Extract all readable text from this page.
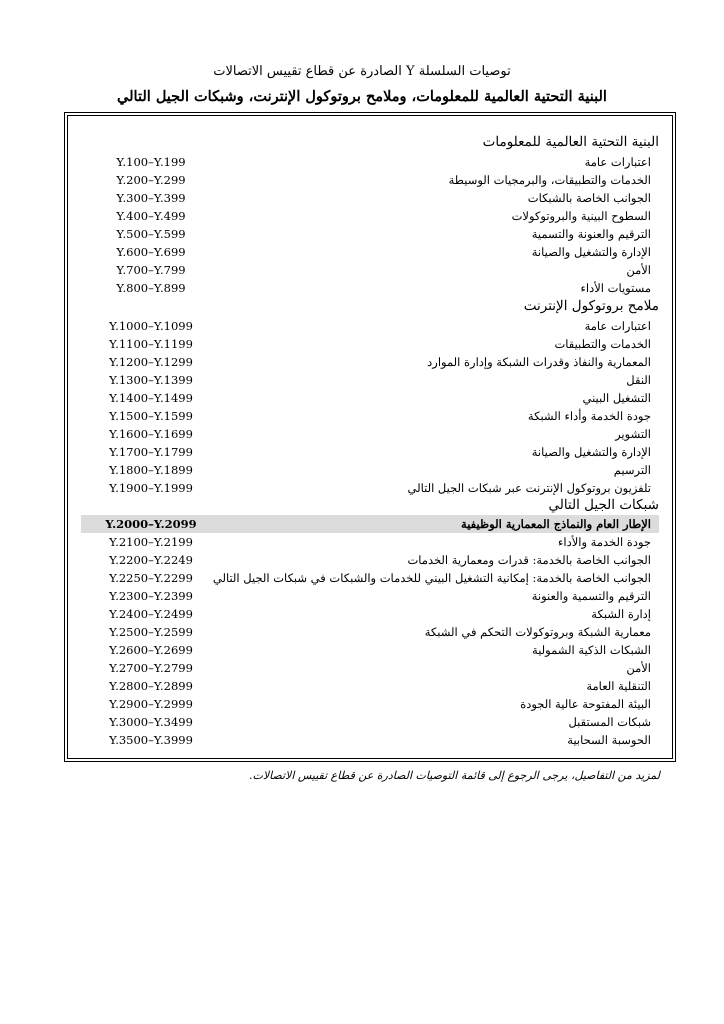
توصيات السلسلة Y الصادرة عن قطاع تقييس الاتصالات
البنية التحتية العالمية للمعلومات، وملامح بروتوكول الإنترنت، وشبكات الجيل التالي
البنية التحتية العالمية للمعلومات
اعتبارات عامة
Y.100–Y.199
الخدمات والتطبيقات، والبرمجيات الوسيطة
Y.200–Y.299
الجوانب الخاصة بالشبكات
Y.300–Y.399
السطوح البينية والبروتوكولات
Y.400–Y.499
الترقيم والعنونة والتسمية
Y.500–Y.599
الإدارة والتشغيل والصيانة
Y.600–Y.699
الأمن
Y.700–Y.799
مستويات الأداء
Y.800–Y.899
ملامح بروتوكول الإنترنت
اعتبارات عامة
Y.1000–Y.1099
الخدمات والتطبيقات
Y.1100–Y.1199
المعمارية والنفاذ وقدرات الشبكة وإدارة الموارد
Y.1200–Y.1299
النقل
Y.1300–Y.1399
التشغيل البيني
Y.1400–Y.1499
جودة الخدمة وأداء الشبكة
Y.1500–Y.1599
التشوير
Y.1600–Y.1699
الإدارة والتشغيل والصيانة
Y.1700–Y.1799
الترسيم
Y.1800–Y.1899
تلفزيون بروتوكول الإنترنت عبر شبكات الجيل التالي
Y.1900–Y.1999
شبكات الجيل التالي
الإطار العام والنماذج المعمارية الوظيفية
Y.2000–Y.2099
جودة الخدمة والأداء
Y.2100–Y.2199
الجوانب الخاصة بالخدمة: قدرات ومعمارية الخدمات
Y.2200–Y.2249
الجوانب الخاصة بالخدمة: إمكانية التشغيل البيني للخدمات والشبكات في شبكات الجيل التالي
Y.2250–Y.2299
الترقيم والتسمية والعنونة
Y.2300–Y.2399
إدارة الشبكة
Y.2400–Y.2499
معمارية الشبكة وبروتوكولات التحكم في الشبكة
Y.2500–Y.2599
الشبكات الذكية الشمولية
Y.2600–Y.2699
الأمن
Y.2700–Y.2799
التنقلية العامة
Y.2800–Y.2899
البيئة المفتوحة عالية الجودة
Y.2900–Y.2999
شبكات المستقبل
Y.3000–Y.3499
الحوسبة السحابية
Y.3500–Y.3999
لمزيد من التفاصيل، يرجى الرجوع إلى قائمة التوصيات الصادرة عن قطاع تقييس الاتصالات.
